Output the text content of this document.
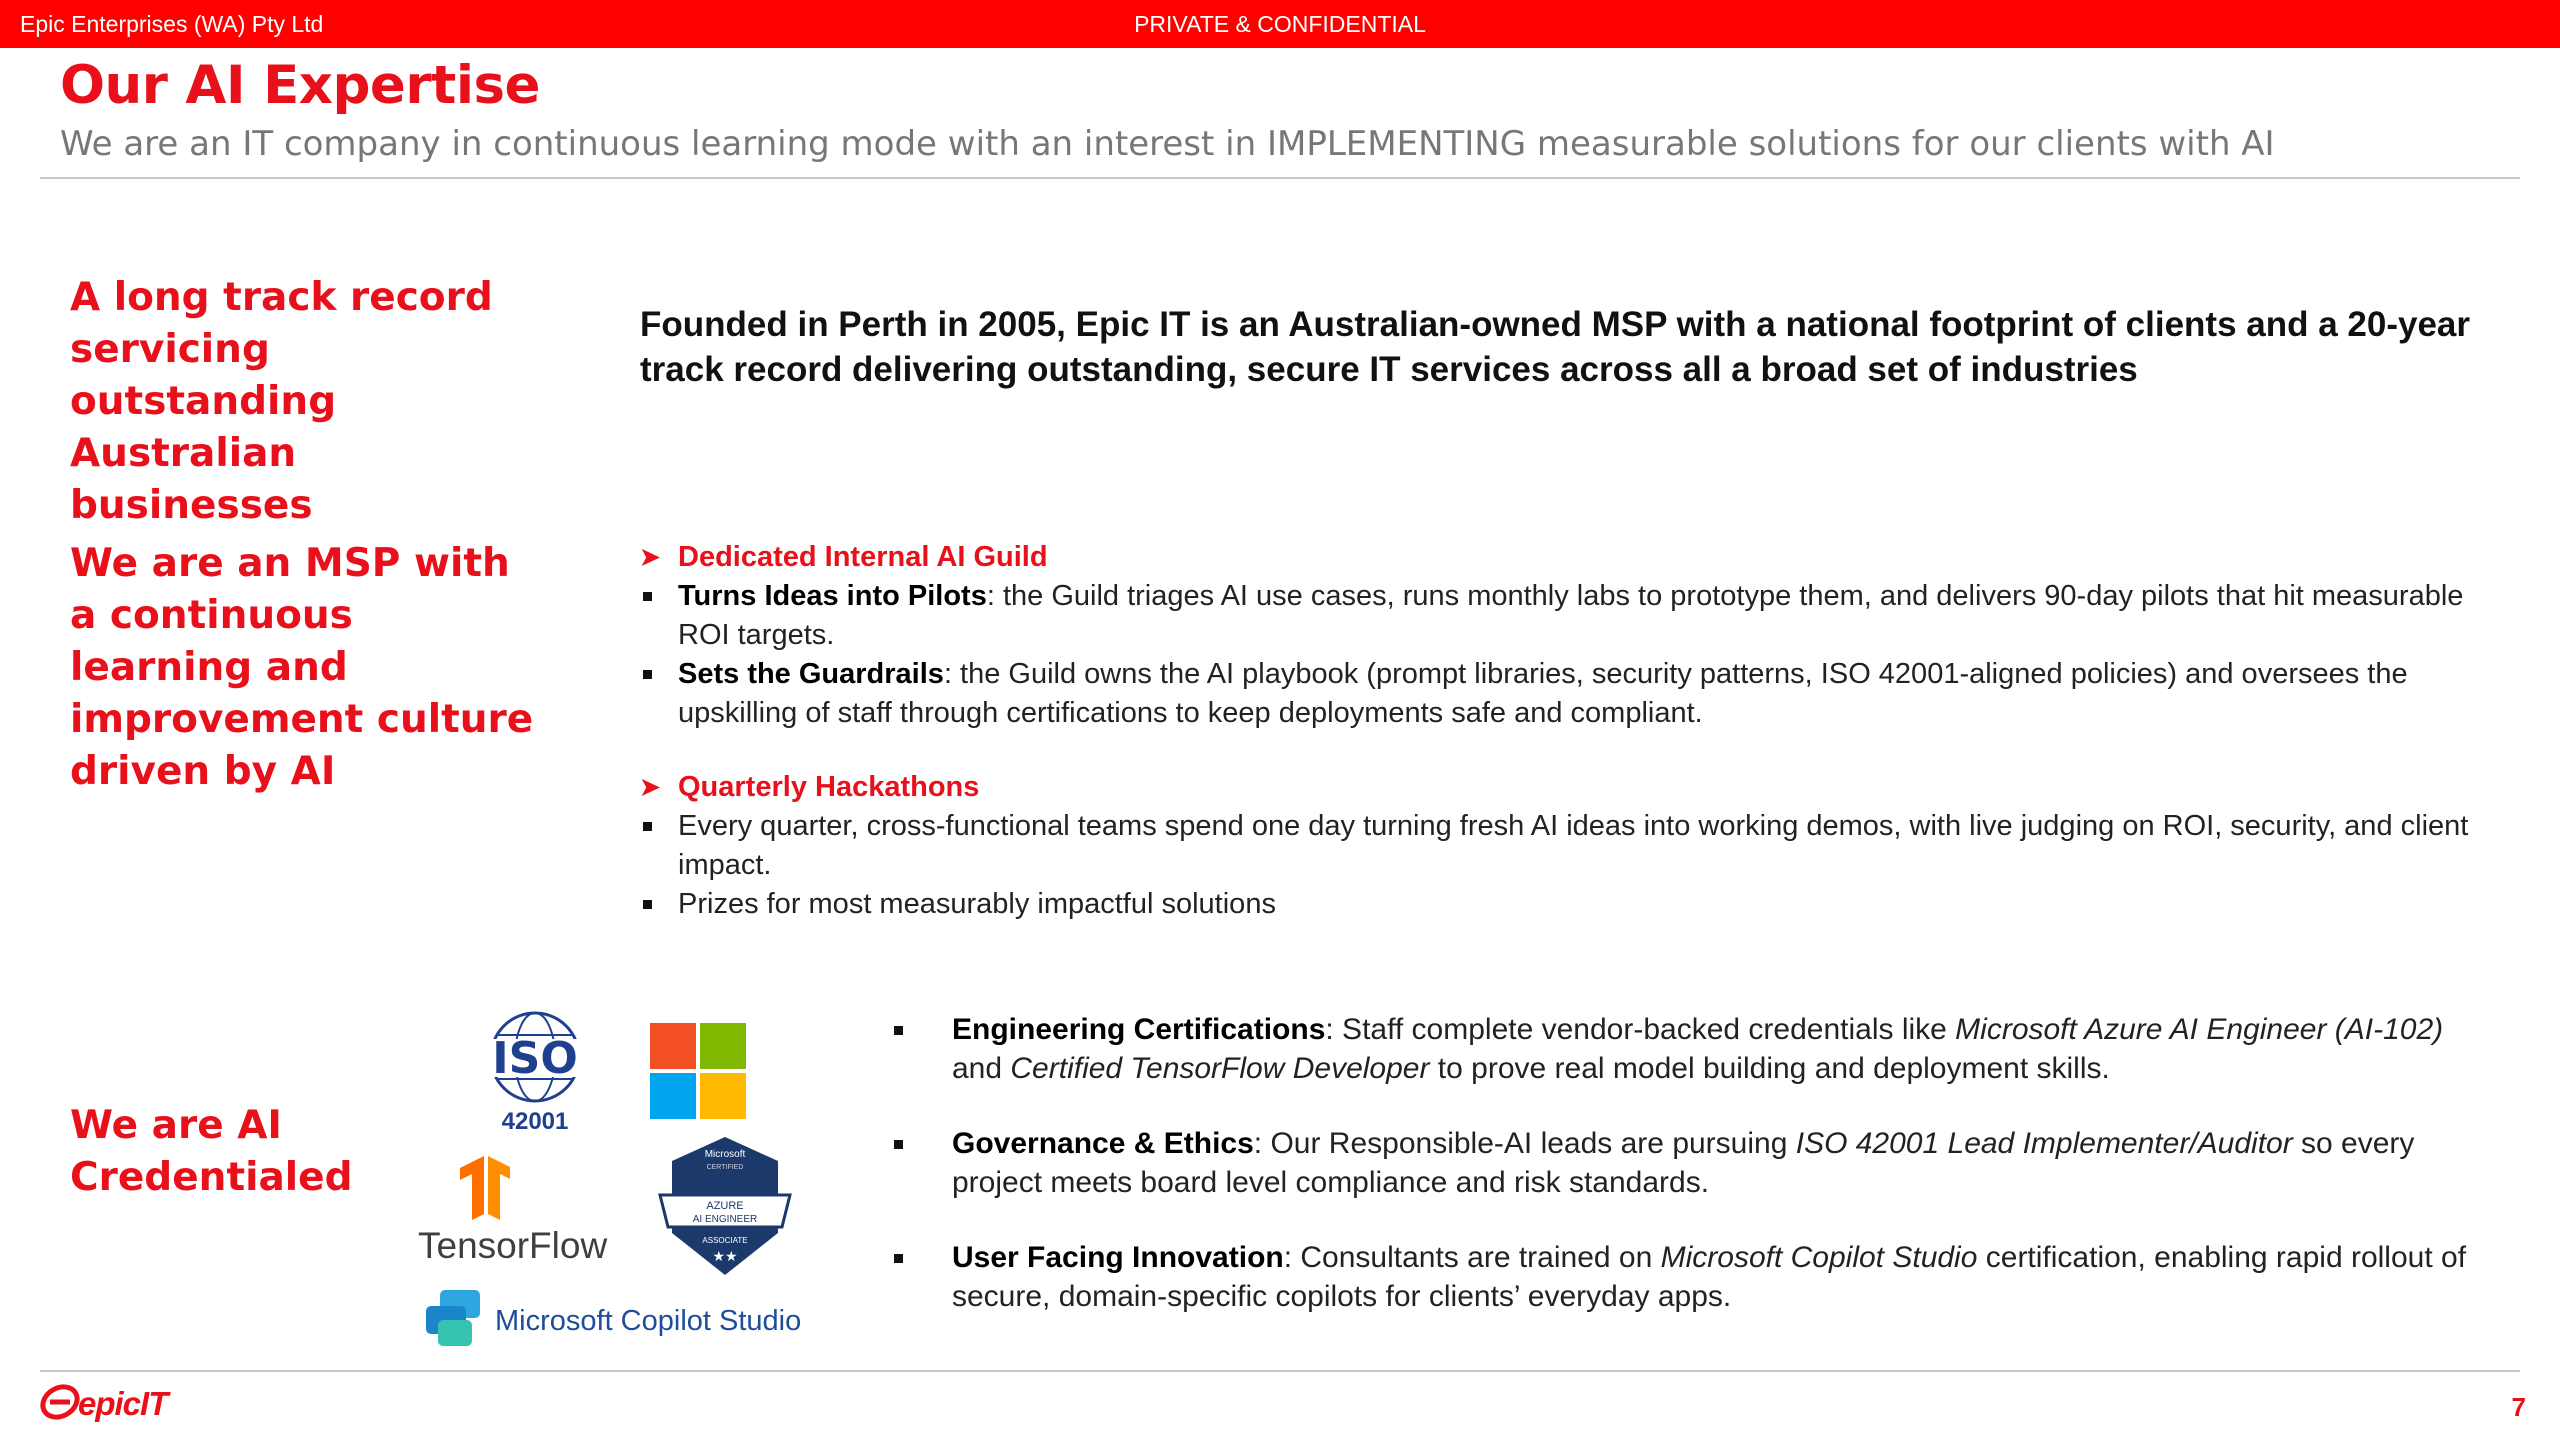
Epic Enterprises (WA) Pty Ltd	PRIVATE & CONFIDENTIAL
Our AI Expertise
We are an IT company in continuous learning mode with an interest in IMPLEMENTING measurable solutions for our clients with AI
A long track record servicing outstanding Australian businesses
Founded in Perth in 2005, Epic IT is an Australian-owned MSP with a national footprint of clients and a 20-year track record delivering outstanding, secure IT services across all a broad set of industries
We are an MSP with a continuous learning and improvement culture driven by AI
➤ Dedicated Internal AI Guild
Turns Ideas into Pilots: the Guild triages AI use cases, runs monthly labs to prototype them, and delivers 90-day pilots that hit measurable ROI targets.
Sets the Guardrails: the Guild owns the AI playbook (prompt libraries, security patterns, ISO 42001-aligned policies) and oversees the upskilling of staff through certifications to keep deployments safe and compliant.
➤ Quarterly Hackathons
Every quarter, cross-functional teams spend one day turning fresh AI ideas into working demos, with live judging on ROI, security, and client impact.
Prizes for most measurably impactful solutions
We are AI Credentialed
ISO
42001
TensorFlow
Microsoft
CERTIFIED
AZURE
AI ENGINEER
ASSOCIATE
★★
Microsoft Copilot Studio
Engineering Certifications: Staff complete vendor-backed credentials like Microsoft Azure AI Engineer (AI-102) and Certified TensorFlow Developer to prove real model building and deployment skills.
Governance & Ethics: Our Responsible-AI leads are pursuing ISO 42001 Lead Implementer/Auditor so every project meets board level compliance and risk standards.
User Facing Innovation: Consultants are trained on Microsoft Copilot Studio certification, enabling rapid rollout of secure, domain-specific copilots for clients’ everyday apps.
epicIT	7
